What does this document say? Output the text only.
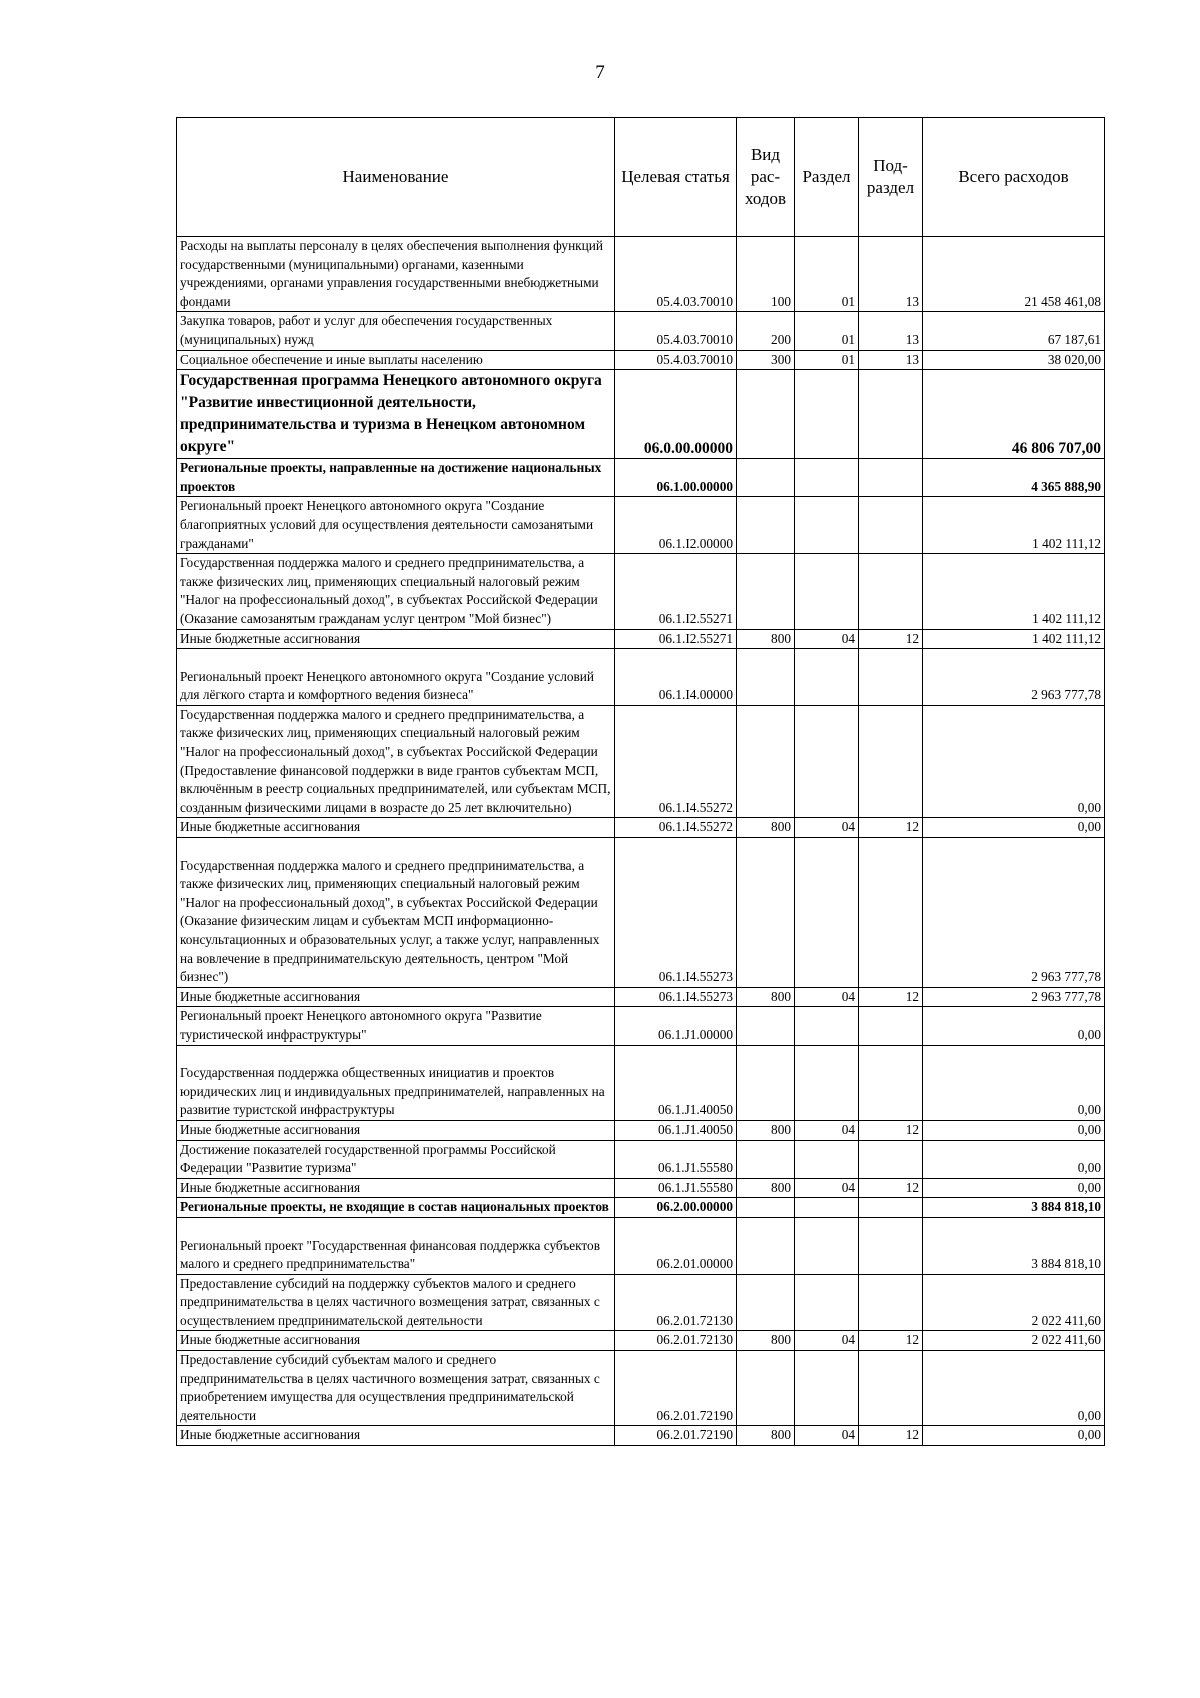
7
Наименование	Целевая статья	Вид рас- ходов	Раздел	Под- раздел	Всего расходов
Расходы на выплаты персоналу в целях обеспечения выполнения функций государственными (муниципальными) органами, казенными учреждениями, органами управления государственными внебюджетными фондами	05.4.03.70010	100	01	13	21 458 461,08
Закупка товаров, работ и услуг для обеспечения государственных (муниципальных) нужд	05.4.03.70010	200	01	13	67 187,61
Социальное обеспечение и иные выплаты населению	05.4.03.70010	300	01	13	38 020,00
Государственная программа Ненецкого автономного округа "Развитие инвестиционной деятельности, предпринимательства и туризма в Ненецком автономном округе"	06.0.00.00000				46 806 707,00
Региональные проекты, направленные на достижение национальных проектов	06.1.00.00000				4 365 888,90
Региональный проект Ненецкого автономного округа "Создание благоприятных условий для осуществления деятельности самозанятыми гражданами"	06.1.I2.00000				1 402 111,12
Государственная поддержка малого и среднего предпринимательства, а также физических лиц, применяющих специальный налоговый режим "Налог на профессиональный доход", в субъектах Российской Федерации (Оказание самозанятым гражданам услуг центром "Мой бизнес")	06.1.I2.55271				1 402 111,12
Иные бюджетные ассигнования	06.1.I2.55271	800	04	12	1 402 111,12

Региональный проект Ненецкого автономного округа "Создание условий для лёгкого старта и комфортного ведения бизнеса"	06.1.I4.00000				2 963 777,78
Государственная поддержка малого и среднего предпринимательства, а также физических лиц, применяющих специальный налоговый режим "Налог на профессиональный доход", в субъектах Российской Федерации (Предоставление финансовой поддержки в виде грантов субъектам МСП, включённым в реестр социальных предпринимателей, или субъектам МСП, созданным физическими лицами в возрасте до 25 лет включительно)	06.1.I4.55272				0,00
Иные бюджетные ассигнования	06.1.I4.55272	800	04	12	0,00

Государственная поддержка малого и среднего предпринимательства, а также физических лиц, применяющих специальный налоговый режим "Налог на профессиональный доход", в субъектах Российской Федерации (Оказание физическим лицам и субъектам МСП информационно-консультационных и образовательных услуг, а также услуг, направленных на вовлечение в предпринимательскую деятельность, центром "Мой бизнес")	06.1.I4.55273				2 963 777,78
Иные бюджетные ассигнования	06.1.I4.55273	800	04	12	2 963 777,78
Региональный проект Ненецкого автономного округа "Развитие туристической инфраструктуры"	06.1.J1.00000				0,00

Государственная поддержка общественных инициатив и проектов юридических лиц и индивидуальных предпринимателей, направленных на развитие туристской инфраструктуры	06.1.J1.40050				0,00
Иные бюджетные ассигнования	06.1.J1.40050	800	04	12	0,00
Достижение показателей государственной программы Российской Федерации "Развитие туризма"	06.1.J1.55580				0,00
Иные бюджетные ассигнования	06.1.J1.55580	800	04	12	0,00
Региональные проекты, не входящие в состав национальных проектов	06.2.00.00000				3 884 818,10

Региональный проект "Государственная финансовая поддержка субъектов малого и среднего предпринимательства"	06.2.01.00000				3 884 818,10
Предоставление субсидий на поддержку субъектов малого и среднего предпринимательства в целях частичного возмещения затрат, связанных с осуществлением предпринимательской деятельности	06.2.01.72130				2 022 411,60
Иные бюджетные ассигнования	06.2.01.72130	800	04	12	2 022 411,60
Предоставление субсидий субъектам малого и среднего предпринимательства в целях частичного возмещения затрат, связанных с приобретением имущества для осуществления предпринимательской деятельности	06.2.01.72190				0,00
Иные бюджетные ассигнования	06.2.01.72190	800	04	12	0,00
